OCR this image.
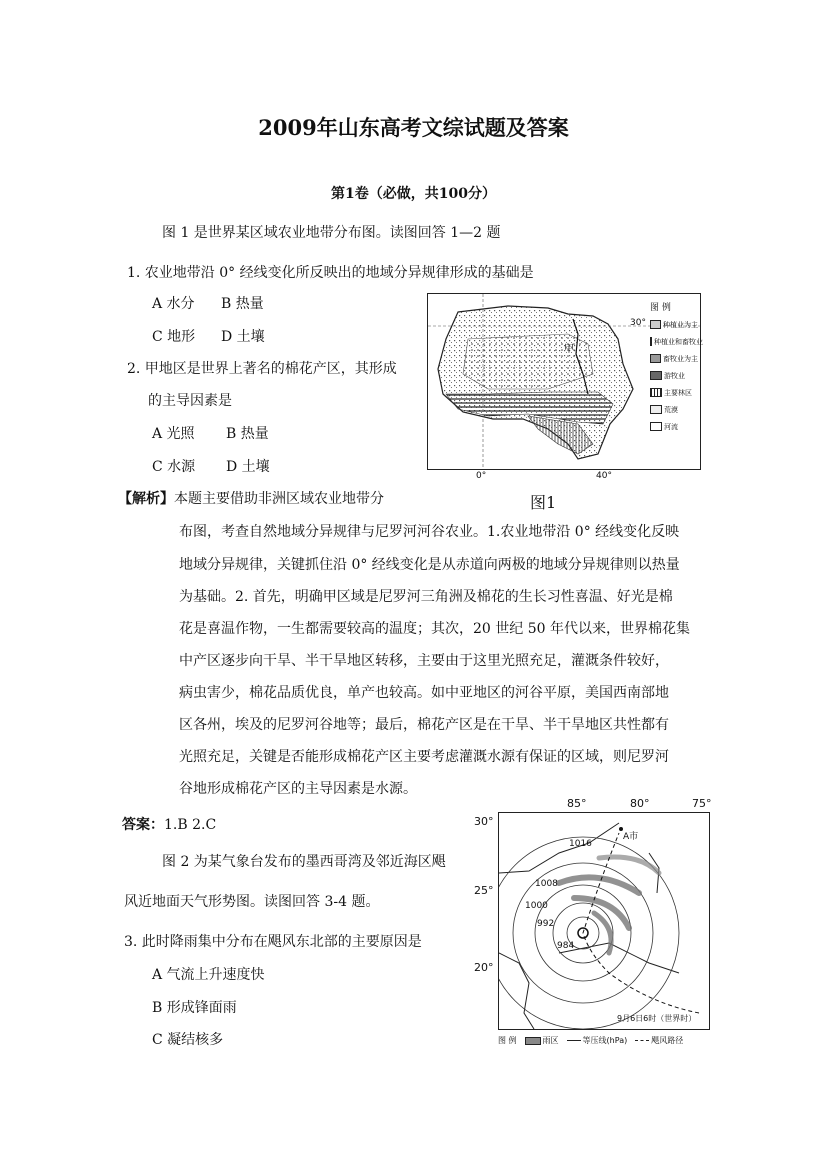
2009年山东高考文综试题及答案
第1卷（必做，共100分）
图 1 是世界某区域农业地带分布图。读图回答 1—2 题
1. 农业地带沿 0° 经线变化所反映出的地域分异规律形成的基础是
A 水分 B 热量
C 地形 D 土壤
2. 甲地区是世界上著名的棉花产区，其形成
的主导因素是
A 光照 B 热量
C 水源 D 土壤
【解析】本题主要借助非洲区域农业地带分
布图，考查自然地域分异规律与尼罗河河谷农业。1.农业地带沿 0° 经线变化反映
地域分异规律，关键抓住沿 0° 经线变化是从赤道向两极的地域分异规律则以热量
为基础。2. 首先，明确甲区域是尼罗河三角洲及棉花的生长习性喜温、好光是棉
花是喜温作物，一生都需要较高的温度；其次，20 世纪 50 年代以来，世界棉花集
中产区逐步向干旱、半干旱地区转移，主要由于这里光照充足，灌溉条件较好，
病虫害少，棉花品质优良，单产也较高。如中亚地区的河谷平原，美国西南部地
区各州，埃及的尼罗河谷地等；最后，棉花产区是在干旱、半干旱地区共性都有
光照充足，关键是否能形成棉花产区主要考虑灌溉水源有保证的区域，则尼罗河
谷地形成棉花产区的主导因素是水源。
答案：1.B 2.C
图 2 为某气象台发布的墨西哥湾及邻近海区飓
风近地面天气形势图。读图回答 3-4 题。
3. 此时降雨集中分布在飓风东北部的主要原因是
A 气流上升速度快
B 形成锋面雨
C 凝结核多
图 例
种植业为主
种植业和畜牧业
畜牧业为主
游牧业
主要林区
荒漠
河流
30°
甲
0°	40°
图1
1016
1008
1000
992
984
A市
9月6日6时（世界时）
85°	80°	75°
30°
25°
20°
图 例	雨区	等压线(hPa)	飓风路径
